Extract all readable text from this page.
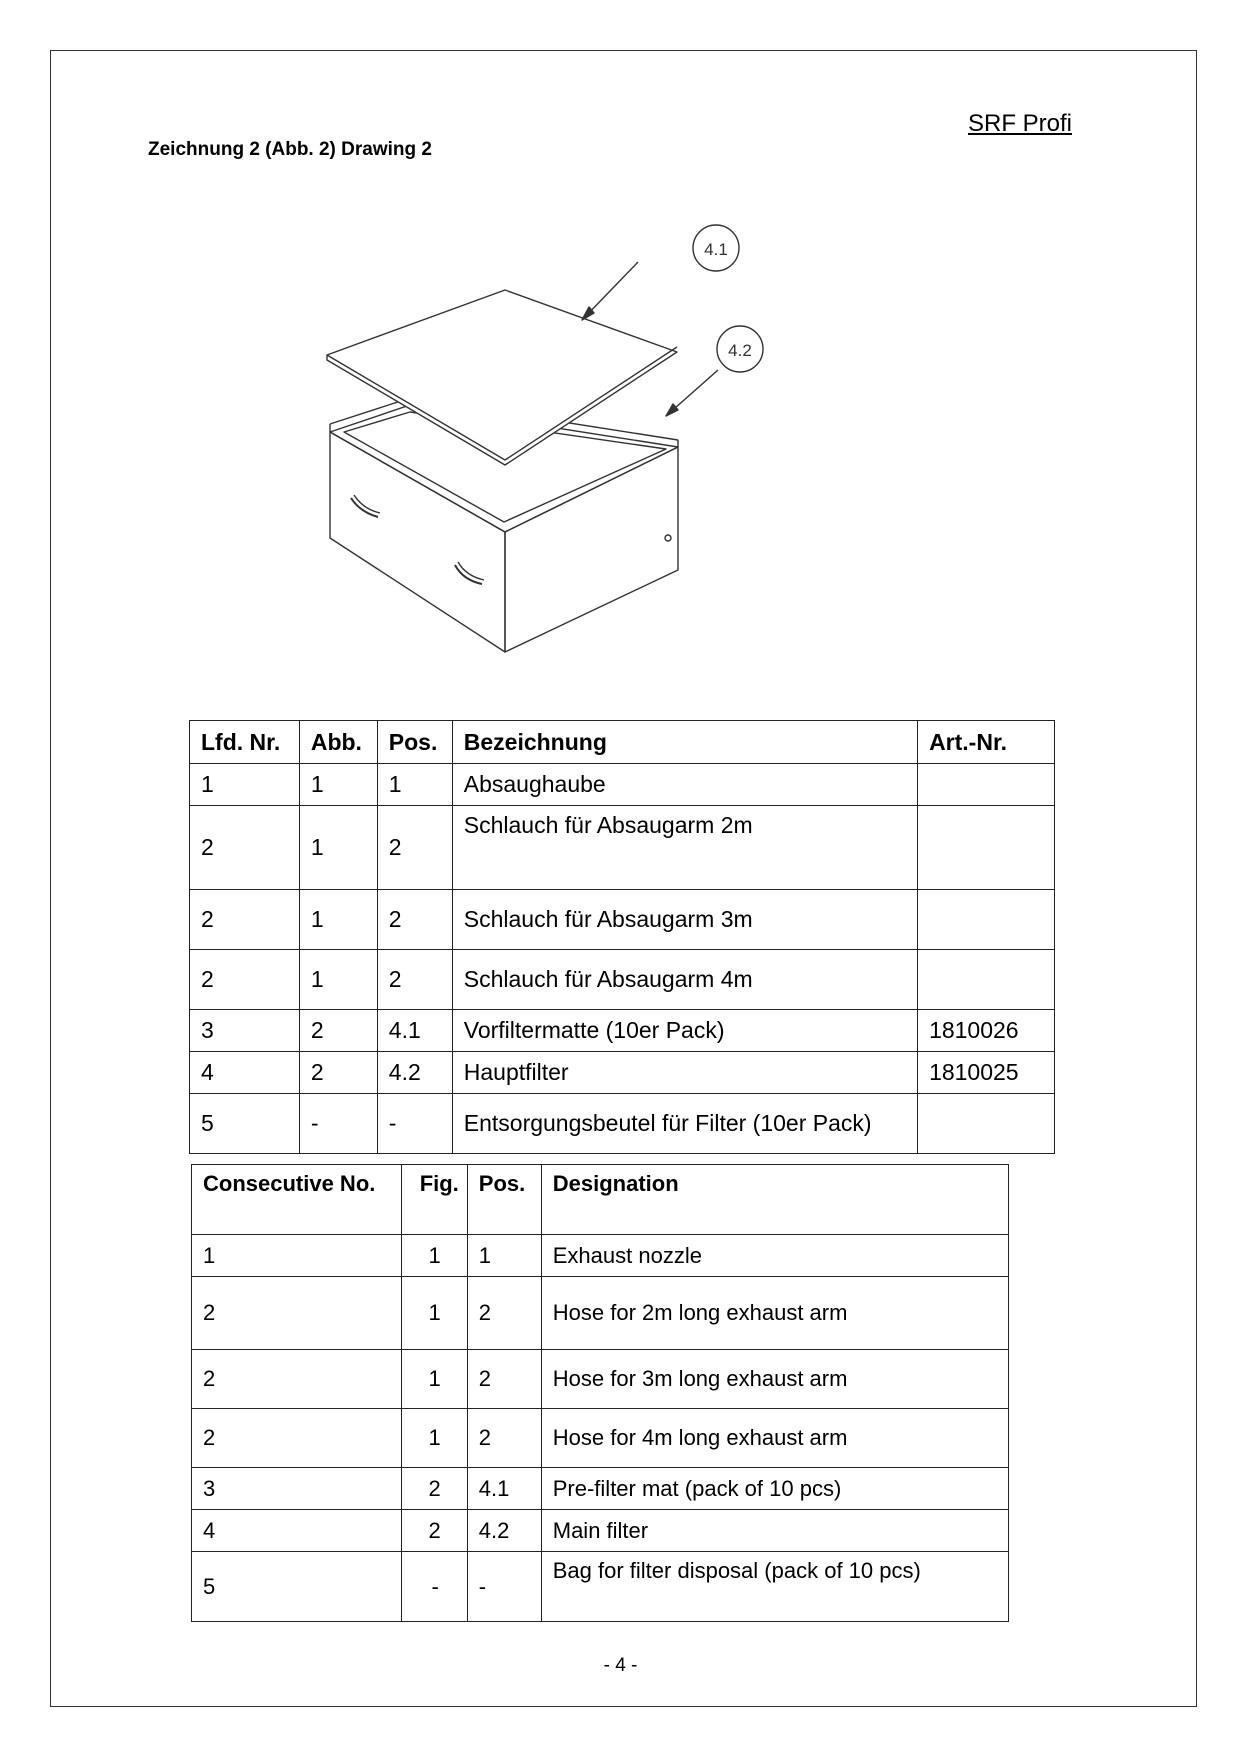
SRF Profi
Zeichnung 2 (Abb. 2) Drawing 2
4.1
4.2
Lfd. Nr.	Abb.	Pos.	Bezeichnung	Art.-Nr.
1	1	1	Absaughaube	
2	1	2	Schlauch für Absaugarm 2m	
2	1	2	Schlauch für Absaugarm 3m	
2	1	2	Schlauch für Absaugarm 4m	
3	2	4.1	Vorfiltermatte (10er Pack)	1810026
4	2	4.2	Hauptfilter	1810025
5	-	-	Entsorgungsbeutel für Filter (10er Pack)	
Consecutive No.	Fig.	Pos.	Designation
1	1	1	Exhaust nozzle
2	1	2	Hose for 2m long exhaust arm
2	1	2	Hose for 3m long exhaust arm
2	1	2	Hose for 4m long exhaust arm
3	2	4.1	Pre-filter mat (pack of 10 pcs)
4	2	4.2	Main filter
5	-	-	Bag for filter disposal (pack of 10 pcs)
- 4 -
